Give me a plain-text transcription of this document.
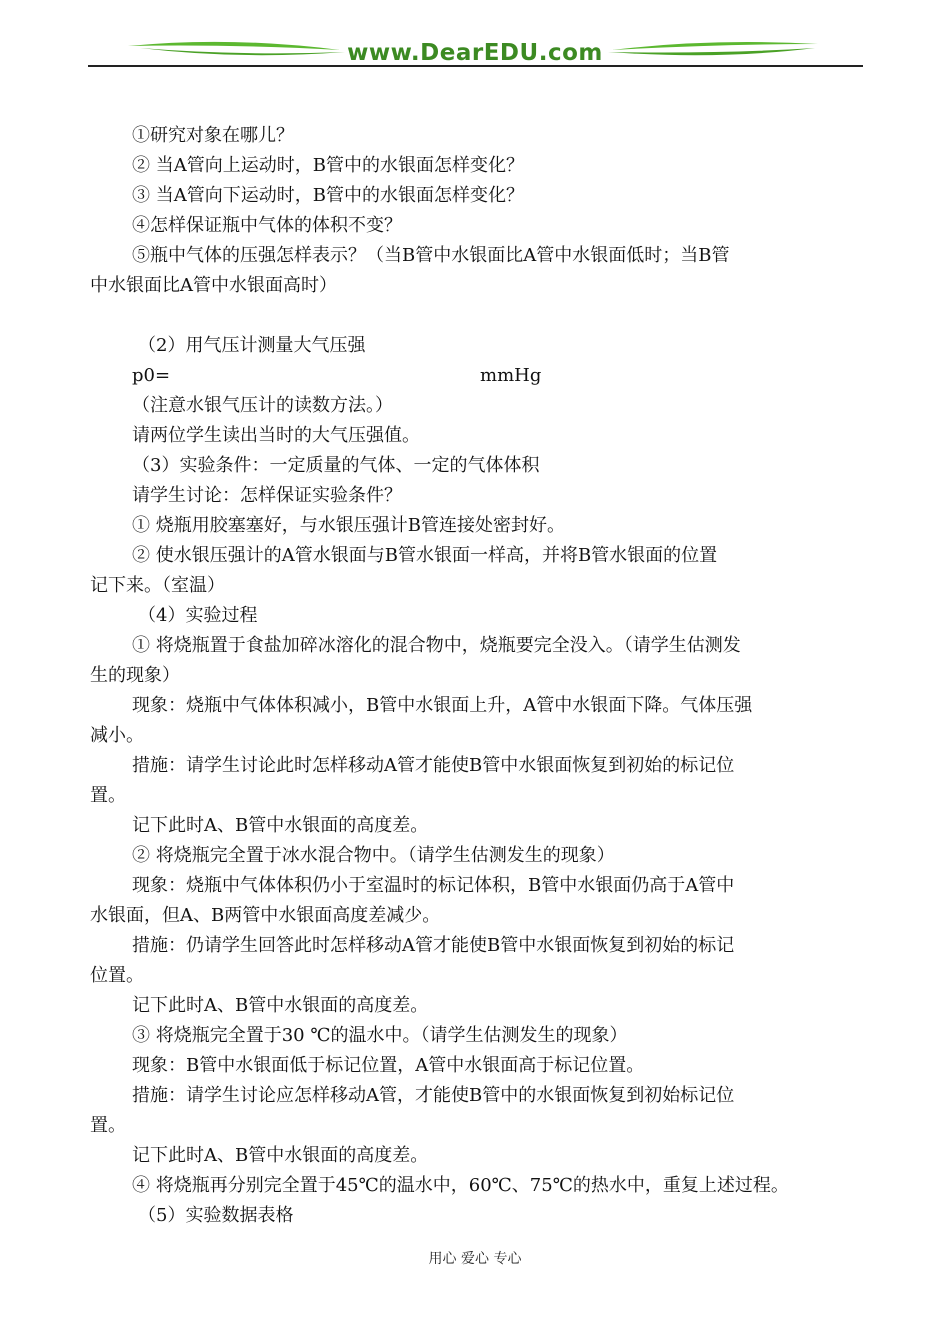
www.DearEDU.com
①研究对象在哪儿？
② 当A管向上运动时，B管中的水银面怎样变化？
③ 当A管向下运动时，B管中的水银面怎样变化？
④怎样保证瓶中气体的体积不变？
⑤瓶中气体的压强怎样表示？（当B管中水银面比A管中水银面低时；当B管
中水银面比A管中水银面高时）
（2）用气压计测量大气压强
p0=	mmHg
（注意水银气压计的读数方法。）
请两位学生读出当时的大气压强值。
（3）实验条件：一定质量的气体、一定的气体体积
请学生讨论：怎样保证实验条件？
① 烧瓶用胶塞塞好，与水银压强计B管连接处密封好。
② 使水银压强计的A管水银面与B管水银面一样高，并将B管水银面的位置
记下来。（室温）
（4）实验过程
① 将烧瓶置于食盐加碎冰溶化的混合物中，烧瓶要完全没入。（请学生估测发
生的现象）
现象：烧瓶中气体体积减小，B管中水银面上升，A管中水银面下降。气体压强
减小。
措施：请学生讨论此时怎样移动A管才能使B管中水银面恢复到初始的标记位
置。
记下此时A、B管中水银面的高度差。
② 将烧瓶完全置于冰水混合物中。（请学生估测发生的现象）
现象：烧瓶中气体体积仍小于室温时的标记体积，B管中水银面仍高于A管中
水银面，但A、B两管中水银面高度差减少。
措施：仍请学生回答此时怎样移动A管才能使B管中水银面恢复到初始的标记
位置。
记下此时A、B管中水银面的高度差。
③ 将烧瓶完全置于30 ℃的温水中。（请学生估测发生的现象）
现象：B管中水银面低于标记位置，A管中水银面高于标记位置。
措施：请学生讨论应怎样移动A管，才能使B管中的水银面恢复到初始标记位
置。
记下此时A、B管中水银面的高度差。
④ 将烧瓶再分别完全置于45℃的温水中，60℃、75℃的热水中，重复上述过程。
（5）实验数据表格
用心 爱心 专心
